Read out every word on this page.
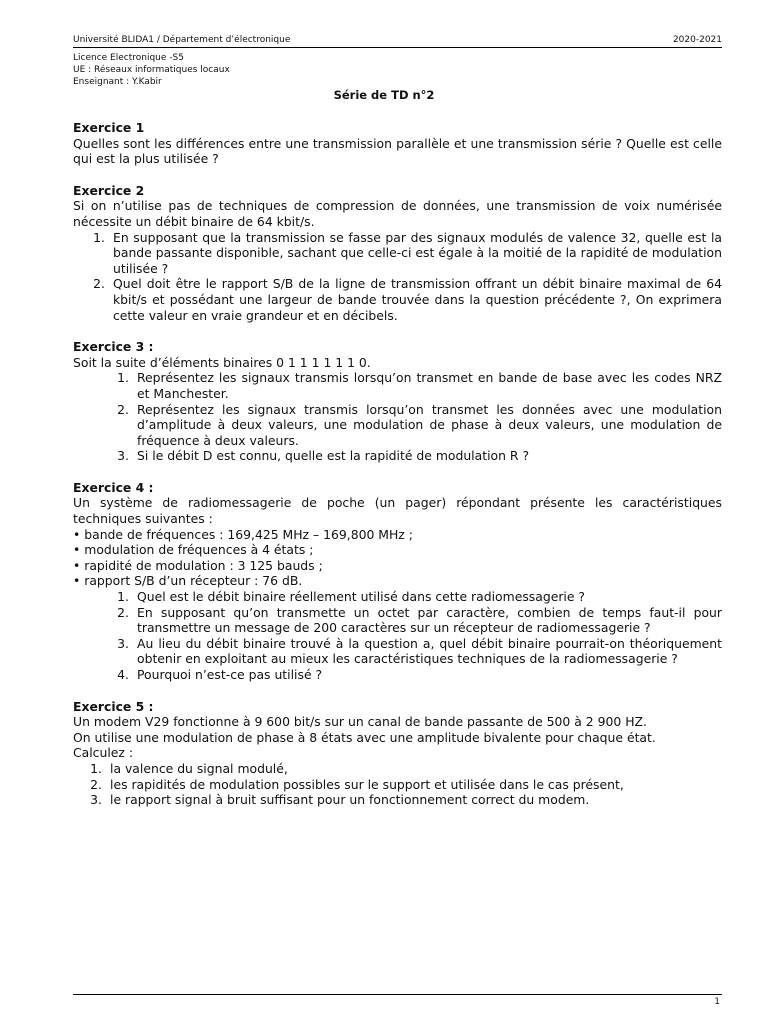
Université BLIDA1 / Département d’électronique	2020-2021
Licence Electronique -S5
UE : Réseaux informatiques locaux
Enseignant : Y.Kabir
Série de TD n°2
Exercice 1
Quelles sont les différences entre une transmission parallèle et une transmission série ? Quelle est celle qui est la plus utilisée ?
Exercice 2
Si on n’utilise pas de techniques de compression de données, une transmission de voix numérisée nécessite un débit binaire de 64 kbit/s.
1. En supposant que la transmission se fasse par des signaux modulés de valence 32, quelle est la bande passante disponible, sachant que celle-ci est égale à la moitié de la rapidité de modulation utilisée ?
2. Quel doit être le rapport S/B de la ligne de transmission offrant un débit binaire maximal de 64 kbit/s et possédant une largeur de bande trouvée dans la question précédente ?, On exprimera cette valeur en vraie grandeur et en décibels.
Exercice 3 :
Soit la suite d’éléments binaires 0 1 1 1 1 1 1 0.
1. Représentez les signaux transmis lorsqu’on transmet en bande de base avec les codes NRZ et Manchester.
2. Représentez les signaux transmis lorsqu’on transmet les données avec une modulation d’amplitude à deux valeurs, une modulation de phase à deux valeurs, une modulation de fréquence à deux valeurs.
3. Si le débit D est connu, quelle est la rapidité de modulation R ?
Exercice 4 :
Un système de radiomessagerie de poche (un pager) répondant présente les caractéristiques techniques suivantes :
• bande de fréquences : 169,425 MHz – 169,800 MHz ;
• modulation de fréquences à 4 états ;
• rapidité de modulation : 3 125 bauds ;
• rapport S/B d’un récepteur : 76 dB.
1. Quel est le débit binaire réellement utilisé dans cette radiomessagerie ?
2. En supposant qu’on transmette un octet par caractère, combien de temps faut-il pour transmettre un message de 200 caractères sur un récepteur de radiomessagerie ?
3. Au lieu du débit binaire trouvé à la question a, quel débit binaire pourrait-on théoriquement obtenir en exploitant au mieux les caractéristiques techniques de la radiomessagerie ?
4. Pourquoi n’est-ce pas utilisé ?
Exercice 5 :
Un modem V29 fonctionne à 9 600 bit/s sur un canal de bande passante de 500 à 2 900 HZ.
On utilise une modulation de phase à 8 états avec une amplitude bivalente pour chaque état.
Calculez :
1. la valence du signal modulé,
2. les rapidités de modulation possibles sur le support et utilisée dans le cas présent,
3. le rapport signal à bruit suffisant pour un fonctionnement correct du modem.
1
